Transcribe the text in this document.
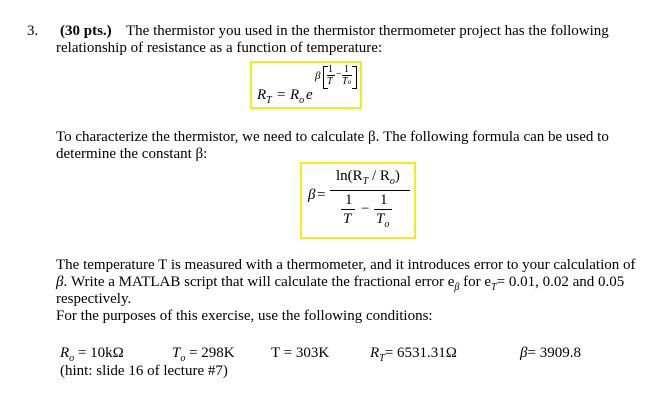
3. (30 pts.) The thermistor you used in the thermistor thermometer project has the following
relationship of resistance as a function of temperature:
$R_T = R_o$ e
β
1
T
− 1
To
To characterize the thermistor, we need to calculate β. The following formula can be used to
determine the constant β:
β =
$\ln(R_T / R_o)$
1
T
−
1
$T_o$
The temperature T is measured with a thermometer, and it introduces error to your calculation of
β. Write a MATLAB script that will calculate the fractional error $e_\beta$ for $e_T= 0.01$, 0.02 and 0.05
respectively.
For the purposes of this exercise, use the following conditions:
$R_o = 10k\Omega$	$T_o = 298K$ T = 303K	$R_T= 6531.31\Omega$	β= 3909.8
(hint: slide 16 of lecture #7)
